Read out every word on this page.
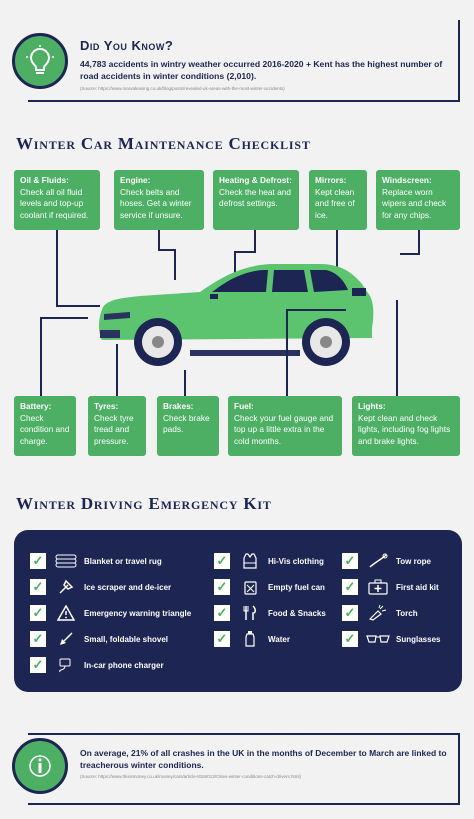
Did You Know?
44,783 accidents in wintry weather occurred 2016-2020 + Kent has the highest number of road accidents in winter conditions (2,010).
(Source: https://www.marvaleasing.co.uk/blog/posts/revealed-uk-areas-with-the-most-winter-accidents)
Winter Car Maintenance Checklist
Oil & Fluids:
Check all oil fluid levels and top-up coolant if required.
Engine:
Check belts and hoses. Get a winter service if unsure.
Heating & Defrost:
Check the heat and defrost settings.
Mirrors:
Kept clean and free of ice.
Windscreen:
Replace worn wipers and check for any chips.
Battery:
Check condition and charge.
Tyres:
Check tyre tread and pressure.
Brakes:
Check brake pads.
Fuel:
Check your fuel gauge and top up a little extra in the cold months.
Lights:
Kept clean and check lights, including fog lights and brake lights.
Winter Driving Emergency Kit
✓	Blanket or travel rug
✓	Ice scraper and de-icer
✓	Emergency warning triangle
✓	Small, foldable shovel
✓	In-car phone charger
✓	Hi-Vis clothing
✓	Empty fuel can
✓	Food & Snacks
✓	Water
✓	Tow rope
✓	First aid kit
✓	Torch
✓	Sunglasses
On average, 21% of all crashes in the UK in the months of December to March are linked to treacherous winter conditions.
(Source: https://www.thisismoney.co.uk/money/cars/article-8184013/Cities-winter-conditions-catch-drivers.html)
